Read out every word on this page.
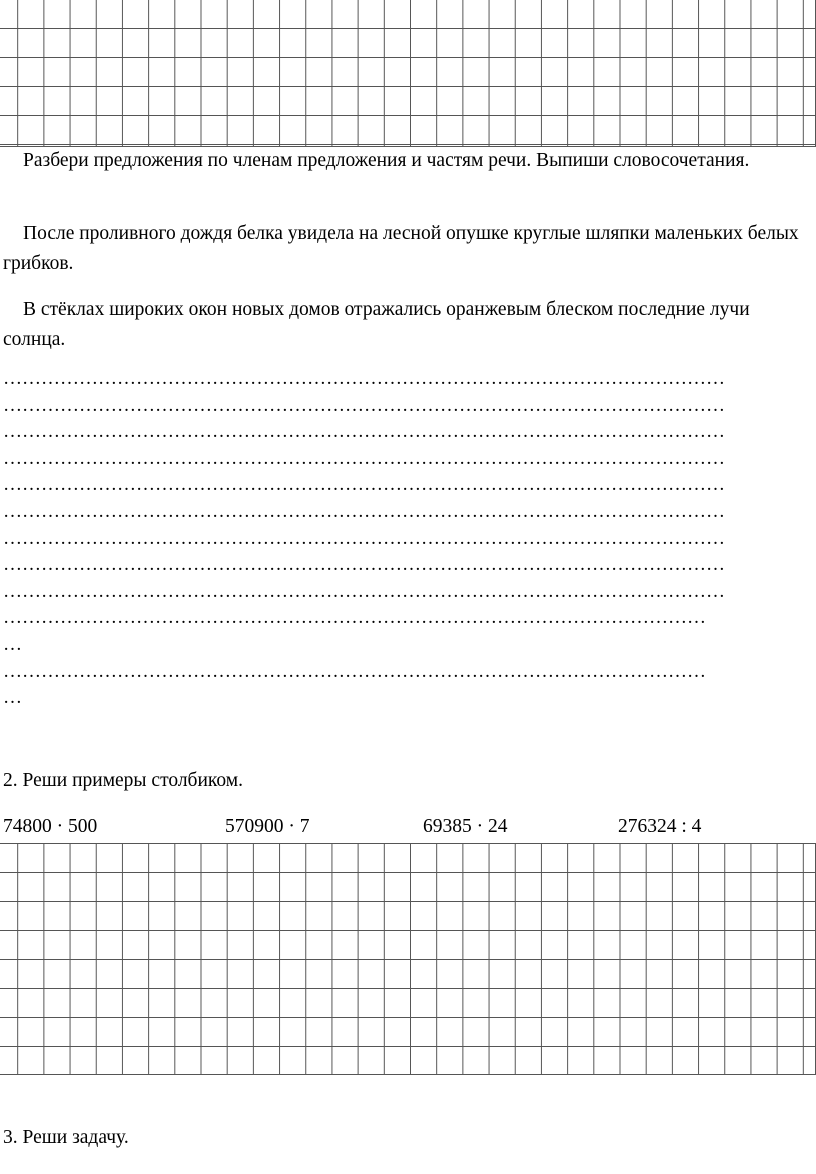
Разбери предложения по членам предложения и частям речи. Выпиши словосочетания.
После проливного дождя белка увидела на лесной опушке круглые шляпки маленьких белых грибков.
В стёклах широких окон новых домов отражались оранжевым блеском последние лучи солнца.
……………………………………………………………………………………………………
……………………………………………………………………………………………………
……………………………………………………………………………………………………
……………………………………………………………………………………………………
……………………………………………………………………………………………………
……………………………………………………………………………………………………
……………………………………………………………………………………………………
……………………………………………………………………………………………………
……………………………………………………………………………………………………
…………………………………………………………………………………………………
…
…………………………………………………………………………………………………
…
2. Реши примеры столбиком.
74800 · 500	570900 · 7	69385 · 24	276324 : 4
3. Реши задачу.
